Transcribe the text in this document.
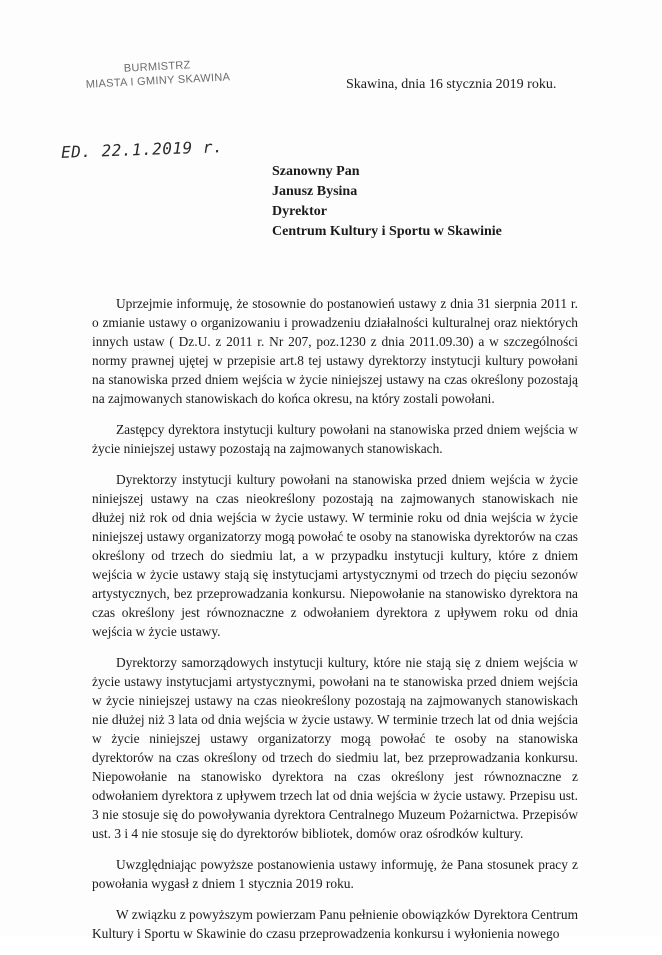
BURMISTRZ
MIASTA I GMINY SKAWINA	Skawina, dnia 16 stycznia 2019 roku.
ED. 22.1.2019 r.
Szanowny Pan
Janusz Bysina
Dyrektor
Centrum Kultury i Sportu w Skawinie

Uprzejmie informuję, że stosownie do postanowień ustawy z dnia 31 sierpnia 2011 r. o zmianie ustawy o organizowaniu i prowadzeniu działalności kulturalnej oraz niektórych innych ustaw ( Dz.U. z 2011 r. Nr 207, poz.1230 z dnia 2011.09.30) a w szczególności normy prawnej ujętej w przepisie art.8 tej ustawy dyrektorzy instytucji kultury powołani na stanowiska przed dniem wejścia w życie niniejszej ustawy na czas określony pozostają na zajmowanych stanowiskach do końca okresu, na który zostali powołani.

Zastępcy dyrektora instytucji kultury powołani na stanowiska przed dniem wejścia w życie niniejszej ustawy pozostają na zajmowanych stanowiskach.

Dyrektorzy instytucji kultury powołani na stanowiska przed dniem wejścia w życie niniejszej ustawy na czas nieokreślony pozostają na zajmowanych stanowiskach nie dłużej niż rok od dnia wejścia w życie ustawy. W terminie roku od dnia wejścia w życie niniejszej ustawy organizatorzy mogą powołać te osoby na stanowiska dyrektorów na czas określony od trzech do siedmiu lat, a w przypadku instytucji kultury, które z dniem wejścia w życie ustawy stają się instytucjami artystycznymi od trzech do pięciu sezonów artystycznych, bez przeprowadzania konkursu. Niepowołanie na stanowisko dyrektora na czas określony jest równoznaczne z odwołaniem dyrektora z upływem roku od dnia wejścia w życie ustawy.

Dyrektorzy samorządowych instytucji kultury, które nie stają się z dniem wejścia w życie ustawy instytucjami artystycznymi, powołani na te stanowiska przed dniem wejścia w życie niniejszej ustawy na czas nieokreślony pozostają na zajmowanych stanowiskach nie dłużej niż 3 lata od dnia wejścia w życie ustawy. W terminie trzech lat od dnia wejścia w życie niniejszej ustawy organizatorzy mogą powołać te osoby na stanowiska dyrektorów na czas określony od trzech do siedmiu lat, bez przeprowadzania konkursu. Niepowołanie na stanowisko dyrektora na czas określony jest równoznaczne z odwołaniem dyrektora z upływem trzech lat od dnia wejścia w życie ustawy. Przepisu ust. 3 nie stosuje się do powoływania dyrektora Centralnego Muzeum Pożarnictwa. Przepisów ust. 3 i 4 nie stosuje się do dyrektorów bibliotek, domów oraz ośrodków kultury.

Uwzględniając powyższe postanowienia ustawy informuję, że Pana stosunek pracy z powołania wygasł z dniem 1 stycznia 2019 roku.

W związku z powyższym powierzam Panu pełnienie obowiązków Dyrektora Centrum Kultury i Sportu w Skawinie do czasu przeprowadzenia konkursu i wyłonienia nowego
